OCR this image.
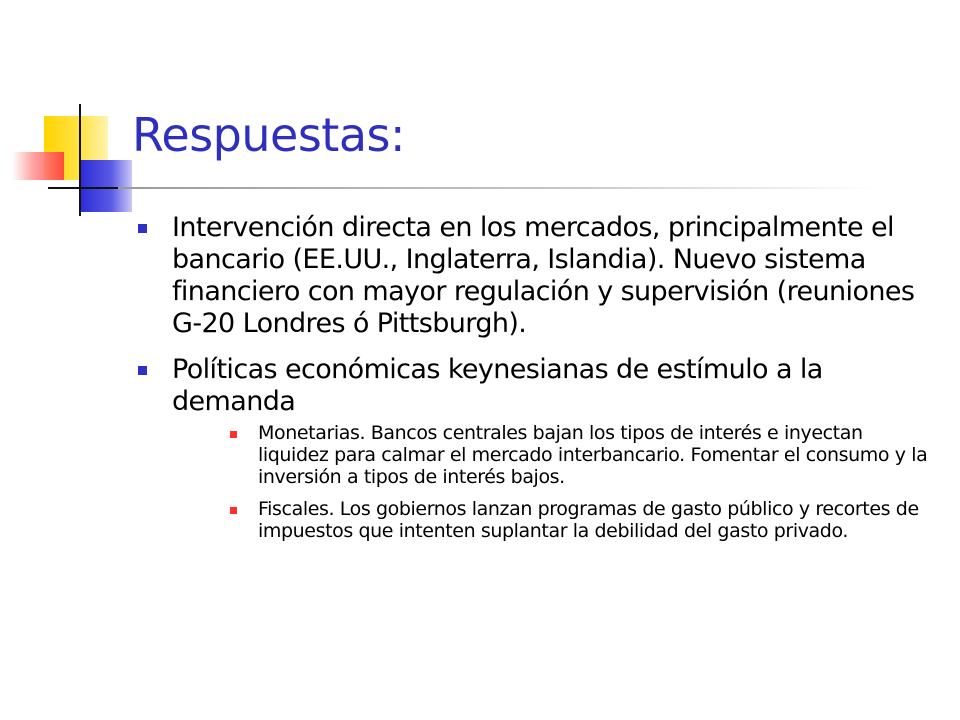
Respuestas:
Intervención directa en los mercados, principalmente el bancario (EE.UU., Inglaterra, Islandia). Nuevo sistema financiero con mayor regulación y supervisión (reuniones G-20 Londres ó Pittsburgh).
Políticas económicas keynesianas de estímulo a la demanda
Monetarias. Bancos centrales bajan los tipos de interés e inyectan liquidez para calmar el mercado interbancario. Fomentar el consumo y la inversión a tipos de interés bajos.
Fiscales. Los gobiernos lanzan programas de gasto público y recortes de impuestos que intenten suplantar la debilidad del gasto privado.
